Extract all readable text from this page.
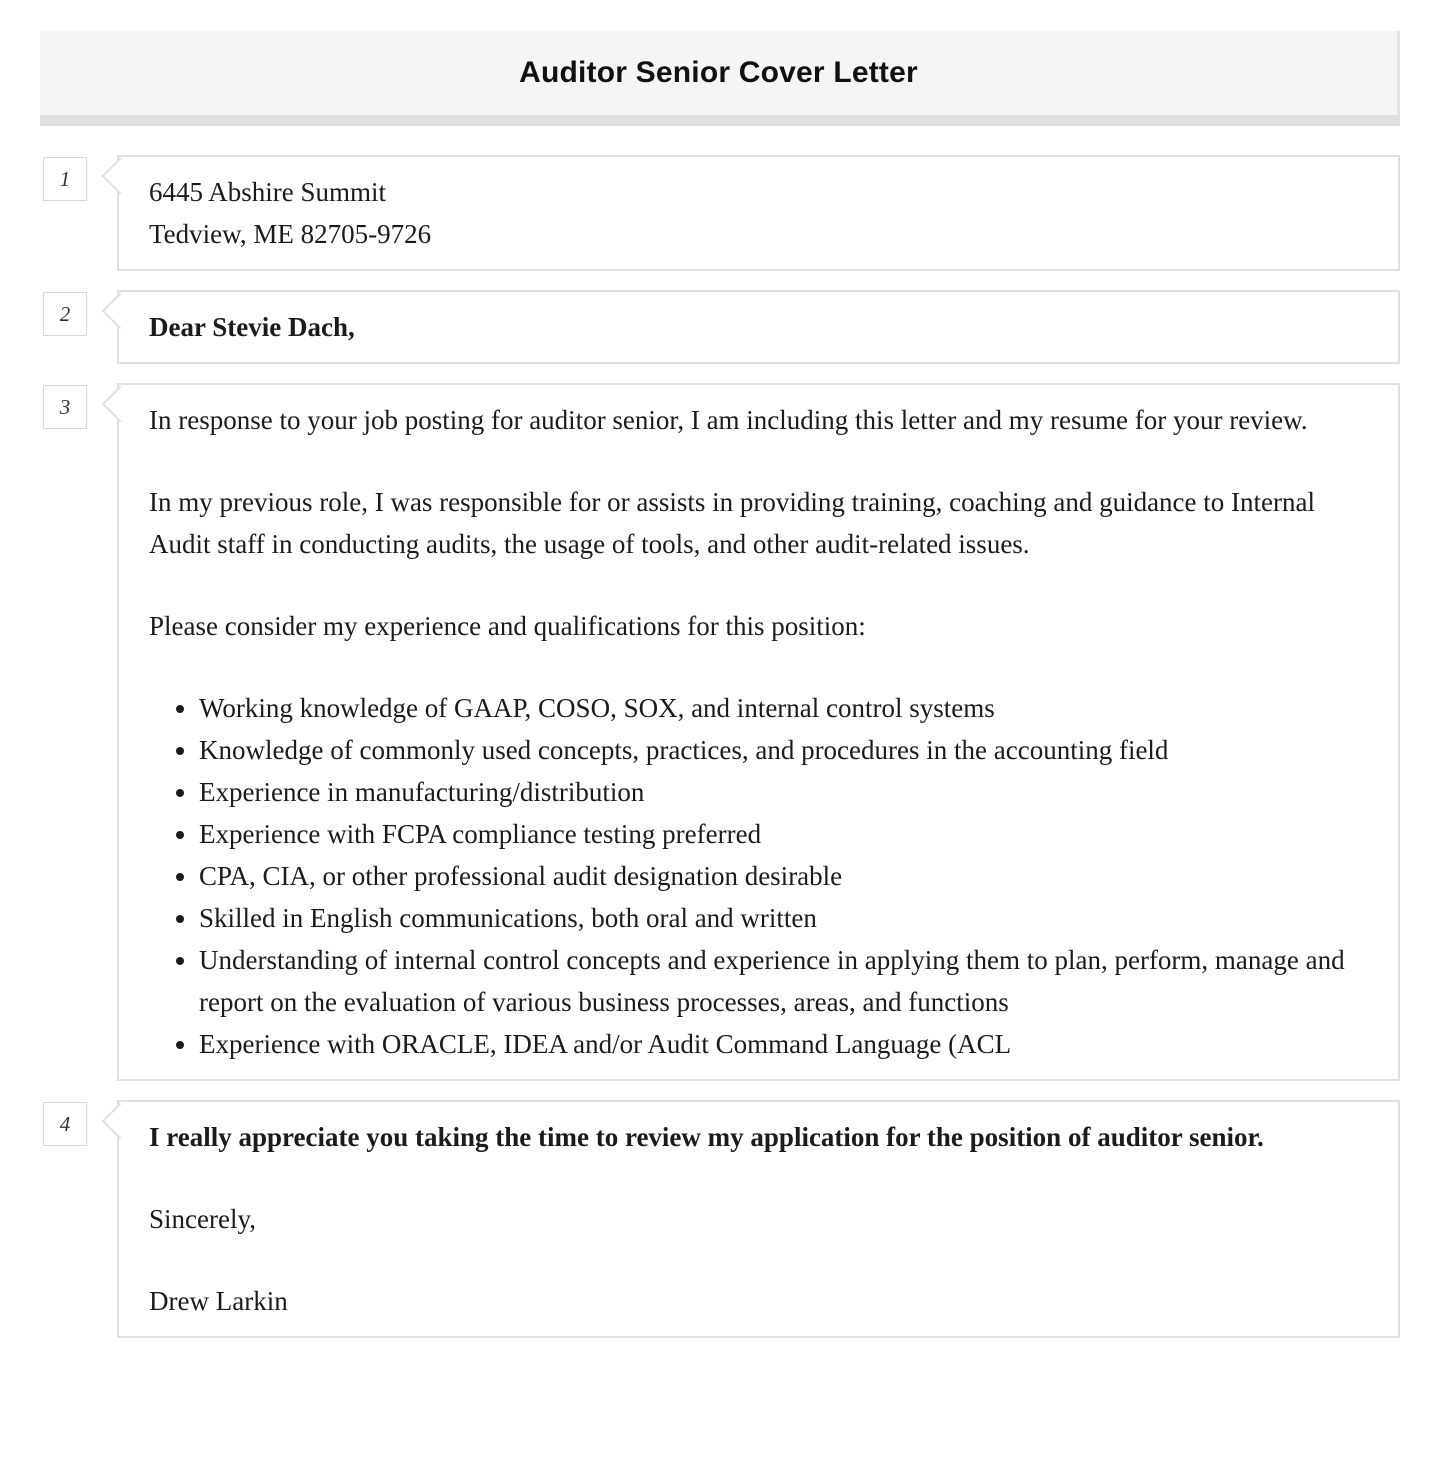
Auditor Senior Cover Letter
1	6445 Abshire Summit
Tedview, ME 82705-9726
2	Dear Stevie Dach,

3	In response to your job posting for auditor senior, I am including this letter and my resume for your review.

In my previous role, I was responsible for or assists in providing training, coaching and guidance to Internal Audit staff in conducting audits, the usage of tools, and other audit-related issues.

Please consider my experience and qualifications for this position:

• Working knowledge of GAAP, COSO, SOX, and internal control systems
• Knowledge of commonly used concepts, practices, and procedures in the accounting field
• Experience in manufacturing/distribution
• Experience with FCPA compliance testing preferred
• CPA, CIA, or other professional audit designation desirable
• Skilled in English communications, both oral and written
• Understanding of internal control concepts and experience in applying them to plan, perform, manage and report on the evaluation of various business processes, areas, and functions
• Experience with ORACLE, IDEA and/or Audit Command Language (ACL
4	I really appreciate you taking the time to review my application for the position of auditor senior.

Sincerely,

Drew Larkin
